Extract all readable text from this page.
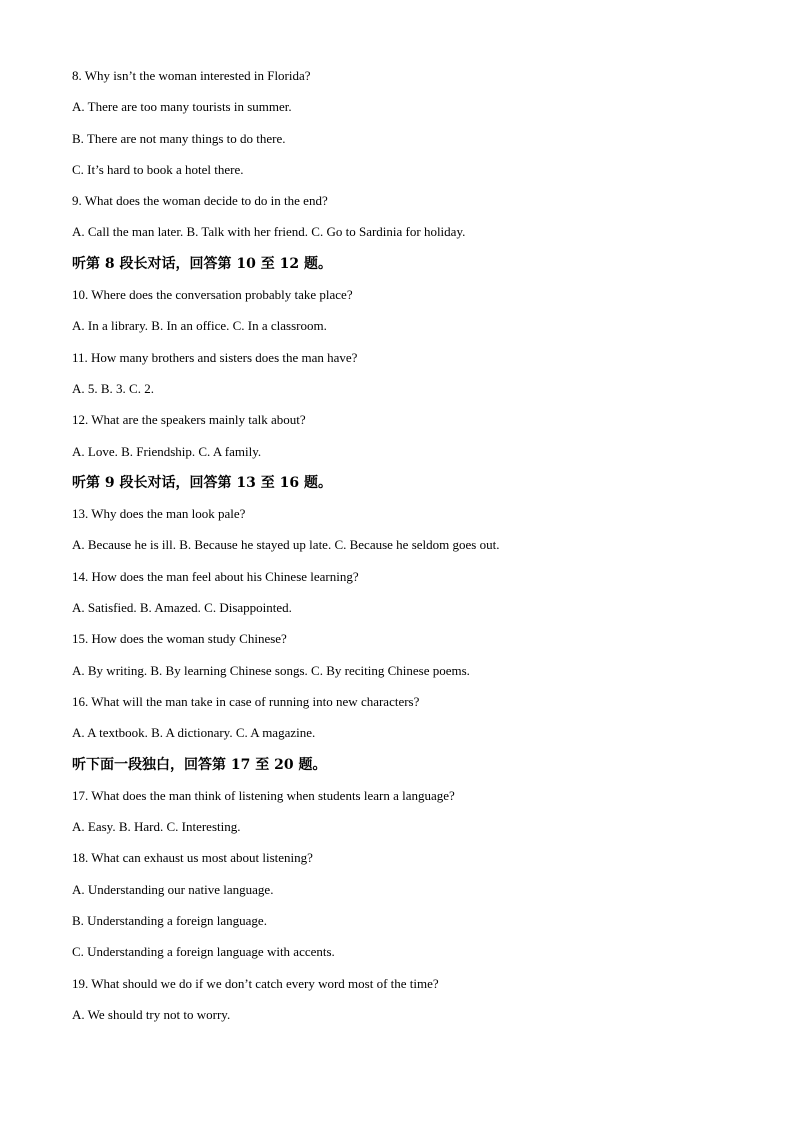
8. Why isn’t the woman interested in Florida?
A. There are too many tourists in summer.
B. There are not many things to do there.
C. It’s hard to book a hotel there.
9. What does the woman decide to do in the end?
A. Call the man later. B. Talk with her friend. C. Go to Sardinia for holiday.
听第 8 段长对话，回答第 10 至 12 题。
10. Where does the conversation probably take place?
A. In a library. B. In an office. C. In a classroom.
11. How many brothers and sisters does the man have?
A. 5. B. 3. C. 2.
12. What are the speakers mainly talk about?
A. Love. B. Friendship. C. A family.
听第 9 段长对话，回答第 13 至 16 题。
13. Why does the man look pale?
A. Because he is ill. B. Because he stayed up late. C. Because he seldom goes out.
14. How does the man feel about his Chinese learning?
A. Satisfied. B. Amazed. C. Disappointed.
15. How does the woman study Chinese?
A. By writing. B. By learning Chinese songs. C. By reciting Chinese poems.
16. What will the man take in case of running into new characters?
A. A textbook. B. A dictionary. C. A magazine.
听下面一段独白，回答第 17 至 20 题。
17. What does the man think of listening when students learn a language?
A. Easy. B. Hard. C. Interesting.
18. What can exhaust us most about listening?
A. Understanding our native language.
B. Understanding a foreign language.
C. Understanding a foreign language with accents.
19. What should we do if we don’t catch every word most of the time?
A. We should try not to worry.
